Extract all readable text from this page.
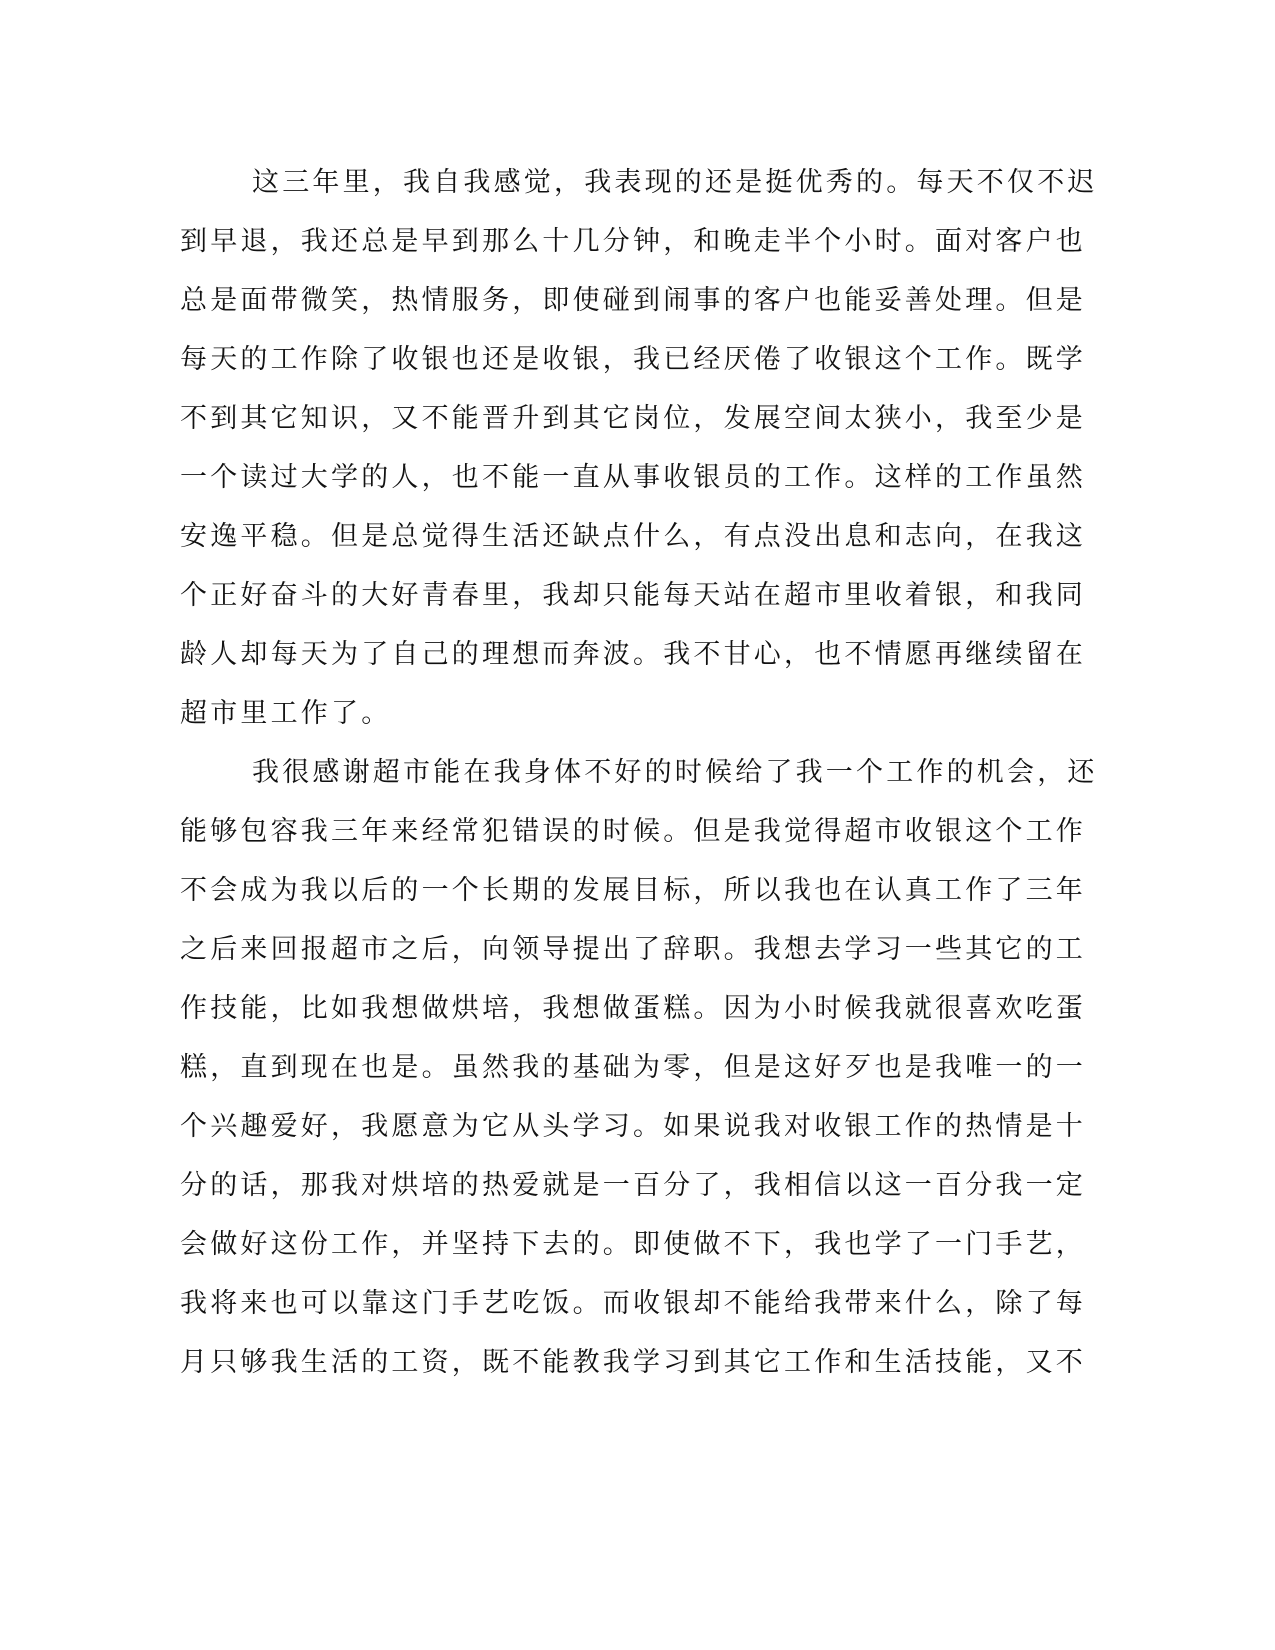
这三年里，我自我感觉，我表现的还是挺优秀的。每天不仅不迟
到早退，我还总是早到那么十几分钟，和晚走半个小时。面对客户也
总是面带微笑，热情服务，即使碰到闹事的客户也能妥善处理。但是
每天的工作除了收银也还是收银，我已经厌倦了收银这个工作。既学
不到其它知识，又不能晋升到其它岗位，发展空间太狭小，我至少是
一个读过大学的人，也不能一直从事收银员的工作。这样的工作虽然
安逸平稳。但是总觉得生活还缺点什么，有点没出息和志向，在我这
个正好奋斗的大好青春里，我却只能每天站在超市里收着银，和我同
龄人却每天为了自己的理想而奔波。我不甘心，也不情愿再继续留在
超市里工作了。
我很感谢超市能在我身体不好的时候给了我一个工作的机会，还
能够包容我三年来经常犯错误的时候。但是我觉得超市收银这个工作
不会成为我以后的一个长期的发展目标，所以我也在认真工作了三年
之后来回报超市之后，向领导提出了辞职。我想去学习一些其它的工
作技能，比如我想做烘培，我想做蛋糕。因为小时候我就很喜欢吃蛋
糕，直到现在也是。虽然我的基础为零，但是这好歹也是我唯一的一
个兴趣爱好，我愿意为它从头学习。如果说我对收银工作的热情是十
分的话，那我对烘培的热爱就是一百分了，我相信以这一百分我一定
会做好这份工作，并坚持下去的。即使做不下，我也学了一门手艺，
我将来也可以靠这门手艺吃饭。而收银却不能给我带来什么，除了每
月只够我生活的工资，既不能教我学习到其它工作和生活技能，又不
